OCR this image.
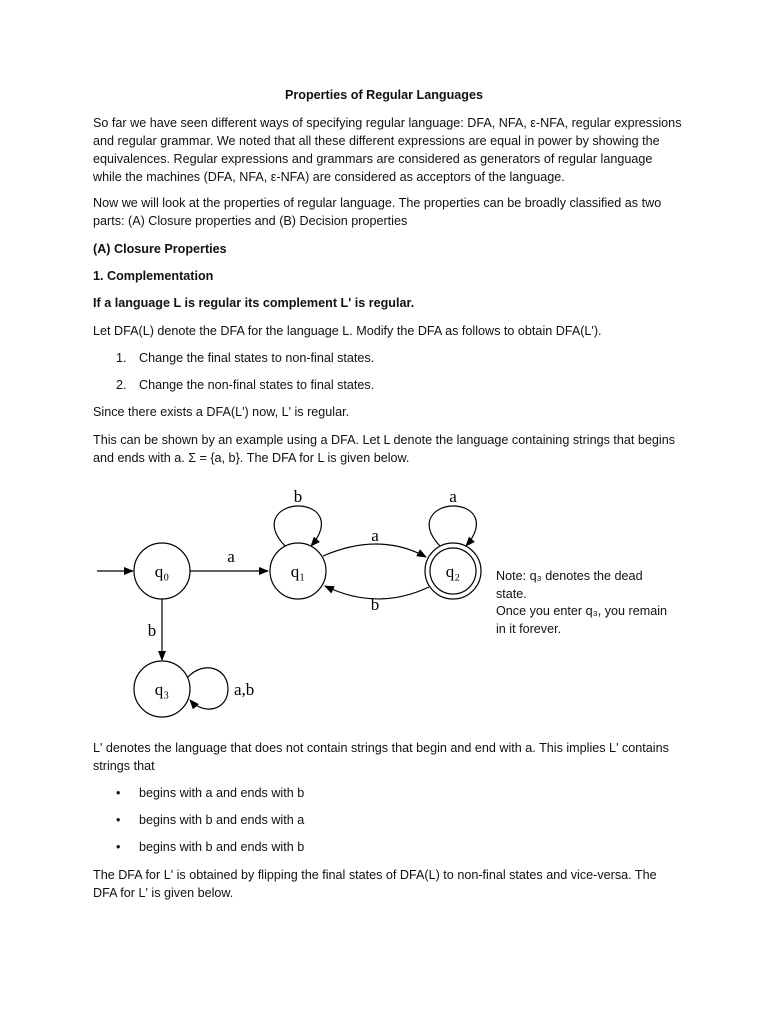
Properties of Regular Languages

So far we have seen different ways of specifying regular language: DFA, NFA, ε-NFA, regular expressions and regular grammar. We noted that all these different expressions are equal in power by showing the equivalences. Regular expressions and grammars are considered as generators of regular language while the machines (DFA, NFA, ε-NFA) are considered as acceptors of the language.

Now we will look at the properties of regular language. The properties can be broadly classified as two parts: (A) Closure properties and (B) Decision properties

(A) Closure Properties

1. Complementation

If a language L is regular its complement L' is regular.

Let DFA(L) denote the DFA for the language L. Modify the DFA as follows to obtain DFA(L').

1. Change the final states to non-final states.
2. Change the non-final states to final states.

Since there exists a DFA(L') now, L' is regular.

This can be shown by an example using a DFA. Let L denote the language containing strings that begins and ends with a. Σ = {a, b}. The DFA for L is given below.

q₀
a
q₁
b
a
b
q₂
a
b
q₃	a,b
Note: q₃ denotes the dead
state.
Once you enter q₃, you remain
in it forever.

L' denotes the language that does not contain strings that begin and end with a. This implies L' contains strings that

• begins with a and ends with b
• begins with b and ends with a
• begins with b and ends with b

The DFA for L' is obtained by flipping the final states of DFA(L) to non-final states and vice-versa. The DFA for L' is given below.
